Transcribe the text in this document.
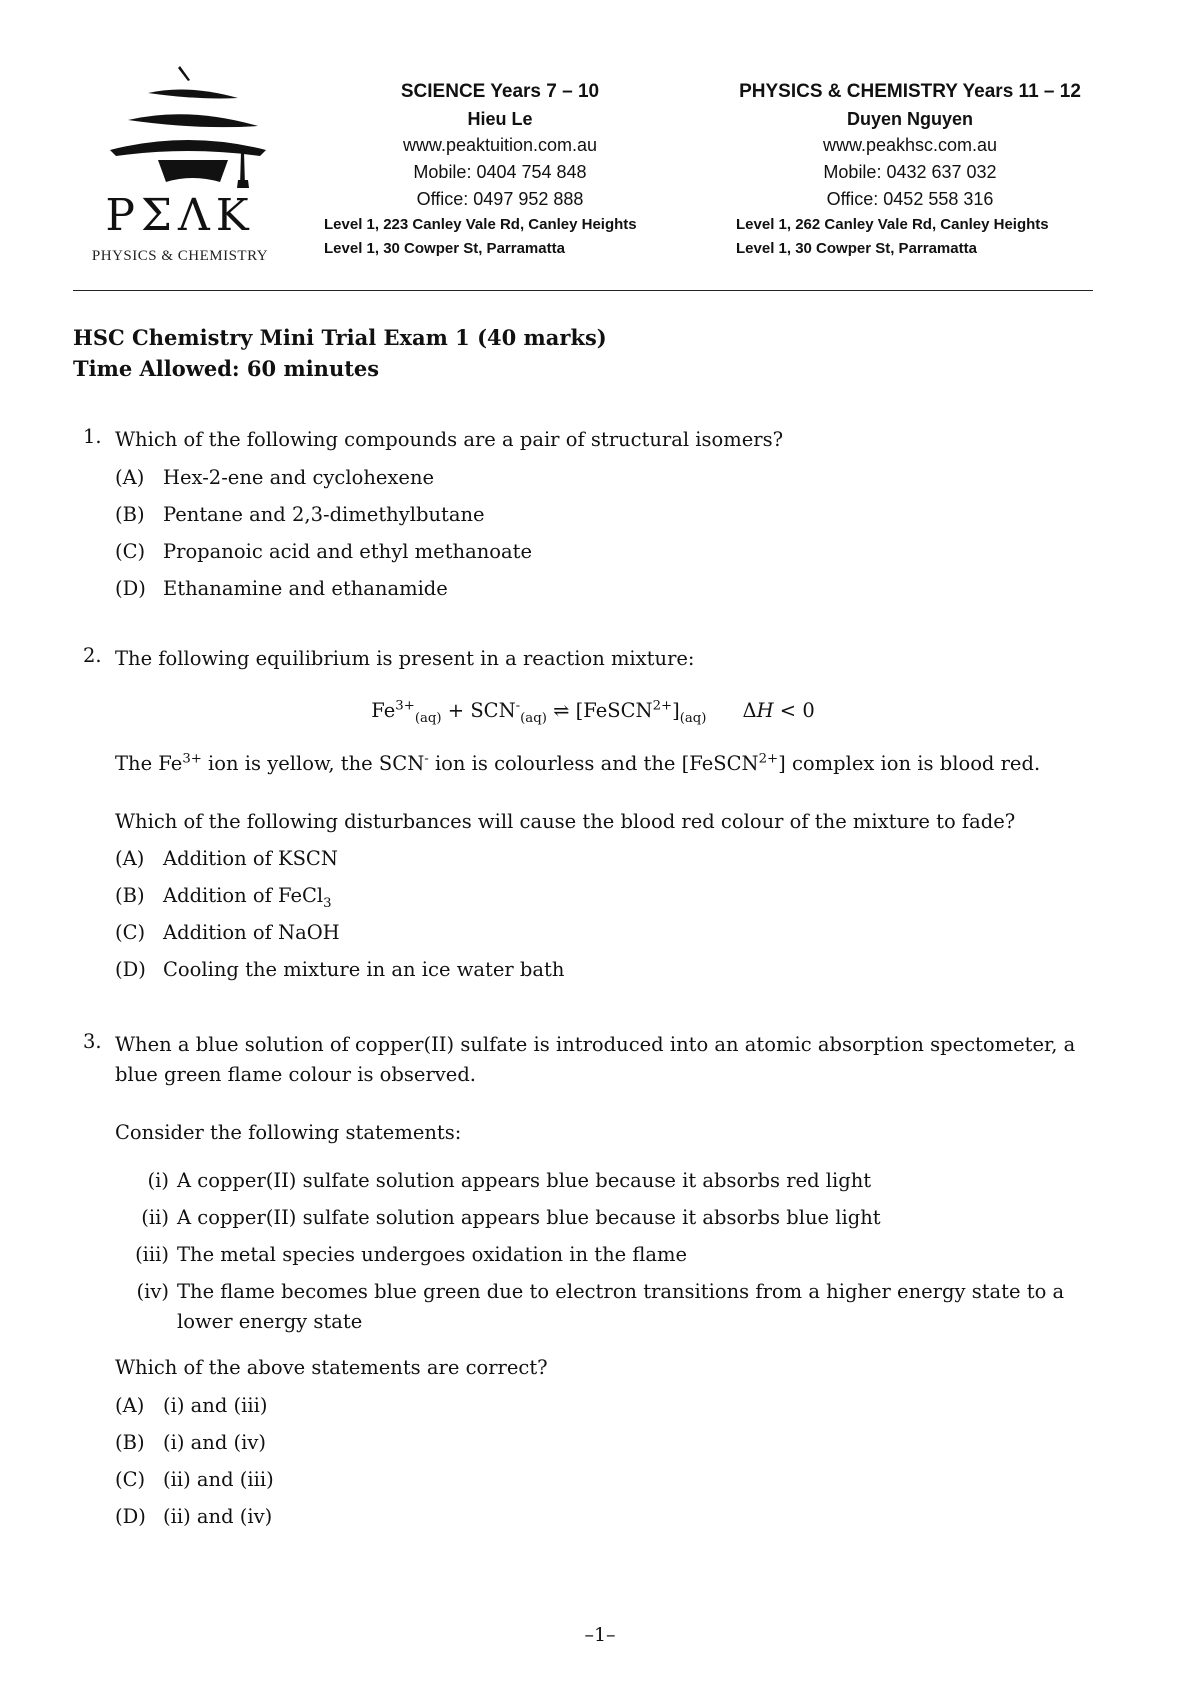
PΣΛK
PHYSICS & CHEMISTRY
SCIENCE Years 7 – 10
Hieu Le
www.peaktuition.com.au
Mobile: 0404 754 848
Office: 0497 952 888
Level 1, 223 Canley Vale Rd, Canley Heights
Level 1, 30 Cowper St, Parramatta
PHYSICS & CHEMISTRY Years 11 – 12
Duyen Nguyen
www.peakhsc.com.au
Mobile: 0432 637 032
Office: 0452 558 316
Level 1, 262 Canley Vale Rd, Canley Heights
Level 1, 30 Cowper St, Parramatta
HSC Chemistry Mini Trial Exam 1 (40 marks)
Time Allowed: 60 minutes
1. Which of the following compounds are a pair of structural isomers?
(A) Hex-2-ene and cyclohexene
(B) Pentane and 2,3-dimethylbutane
(C) Propanoic acid and ethyl methanoate
(D) Ethanamine and ethanamide
2. The following equilibrium is present in a reaction mixture:
$Fe^{3+}_{(aq)} + SCN^-_{(aq)}$ ⇌ $[FeSCN^{2+}]_{(aq)}$ ΔH < 0
The $Fe^{3+}$ ion is yellow, the SCN- ion is colourless and the [FeSCN$^{2+}$] complex ion is blood red.
Which of the following disturbances will cause the blood red colour of the mixture to fade?
(A) Addition of KSCN
(B) Addition of FeCl$_3$
(C) Addition of NaOH
(D) Cooling the mixture in an ice water bath
3. When a blue solution of copper(II) sulfate is introduced into an atomic absorption spectometer, a blue green flame colour is observed.
Consider the following statements:
(i) A copper(II) sulfate solution appears blue because it absorbs red light
(ii) A copper(II) sulfate solution appears blue because it absorbs blue light
(iii) The metal species undergoes oxidation in the flame
(iv) The flame becomes blue green due to electron transitions from a higher energy state to a lower energy state
Which of the above statements are correct?
(A) (i) and (iii)
(B) (i) and (iv)
(C) (ii) and (iii)
(D) (ii) and (iv)
–1–
